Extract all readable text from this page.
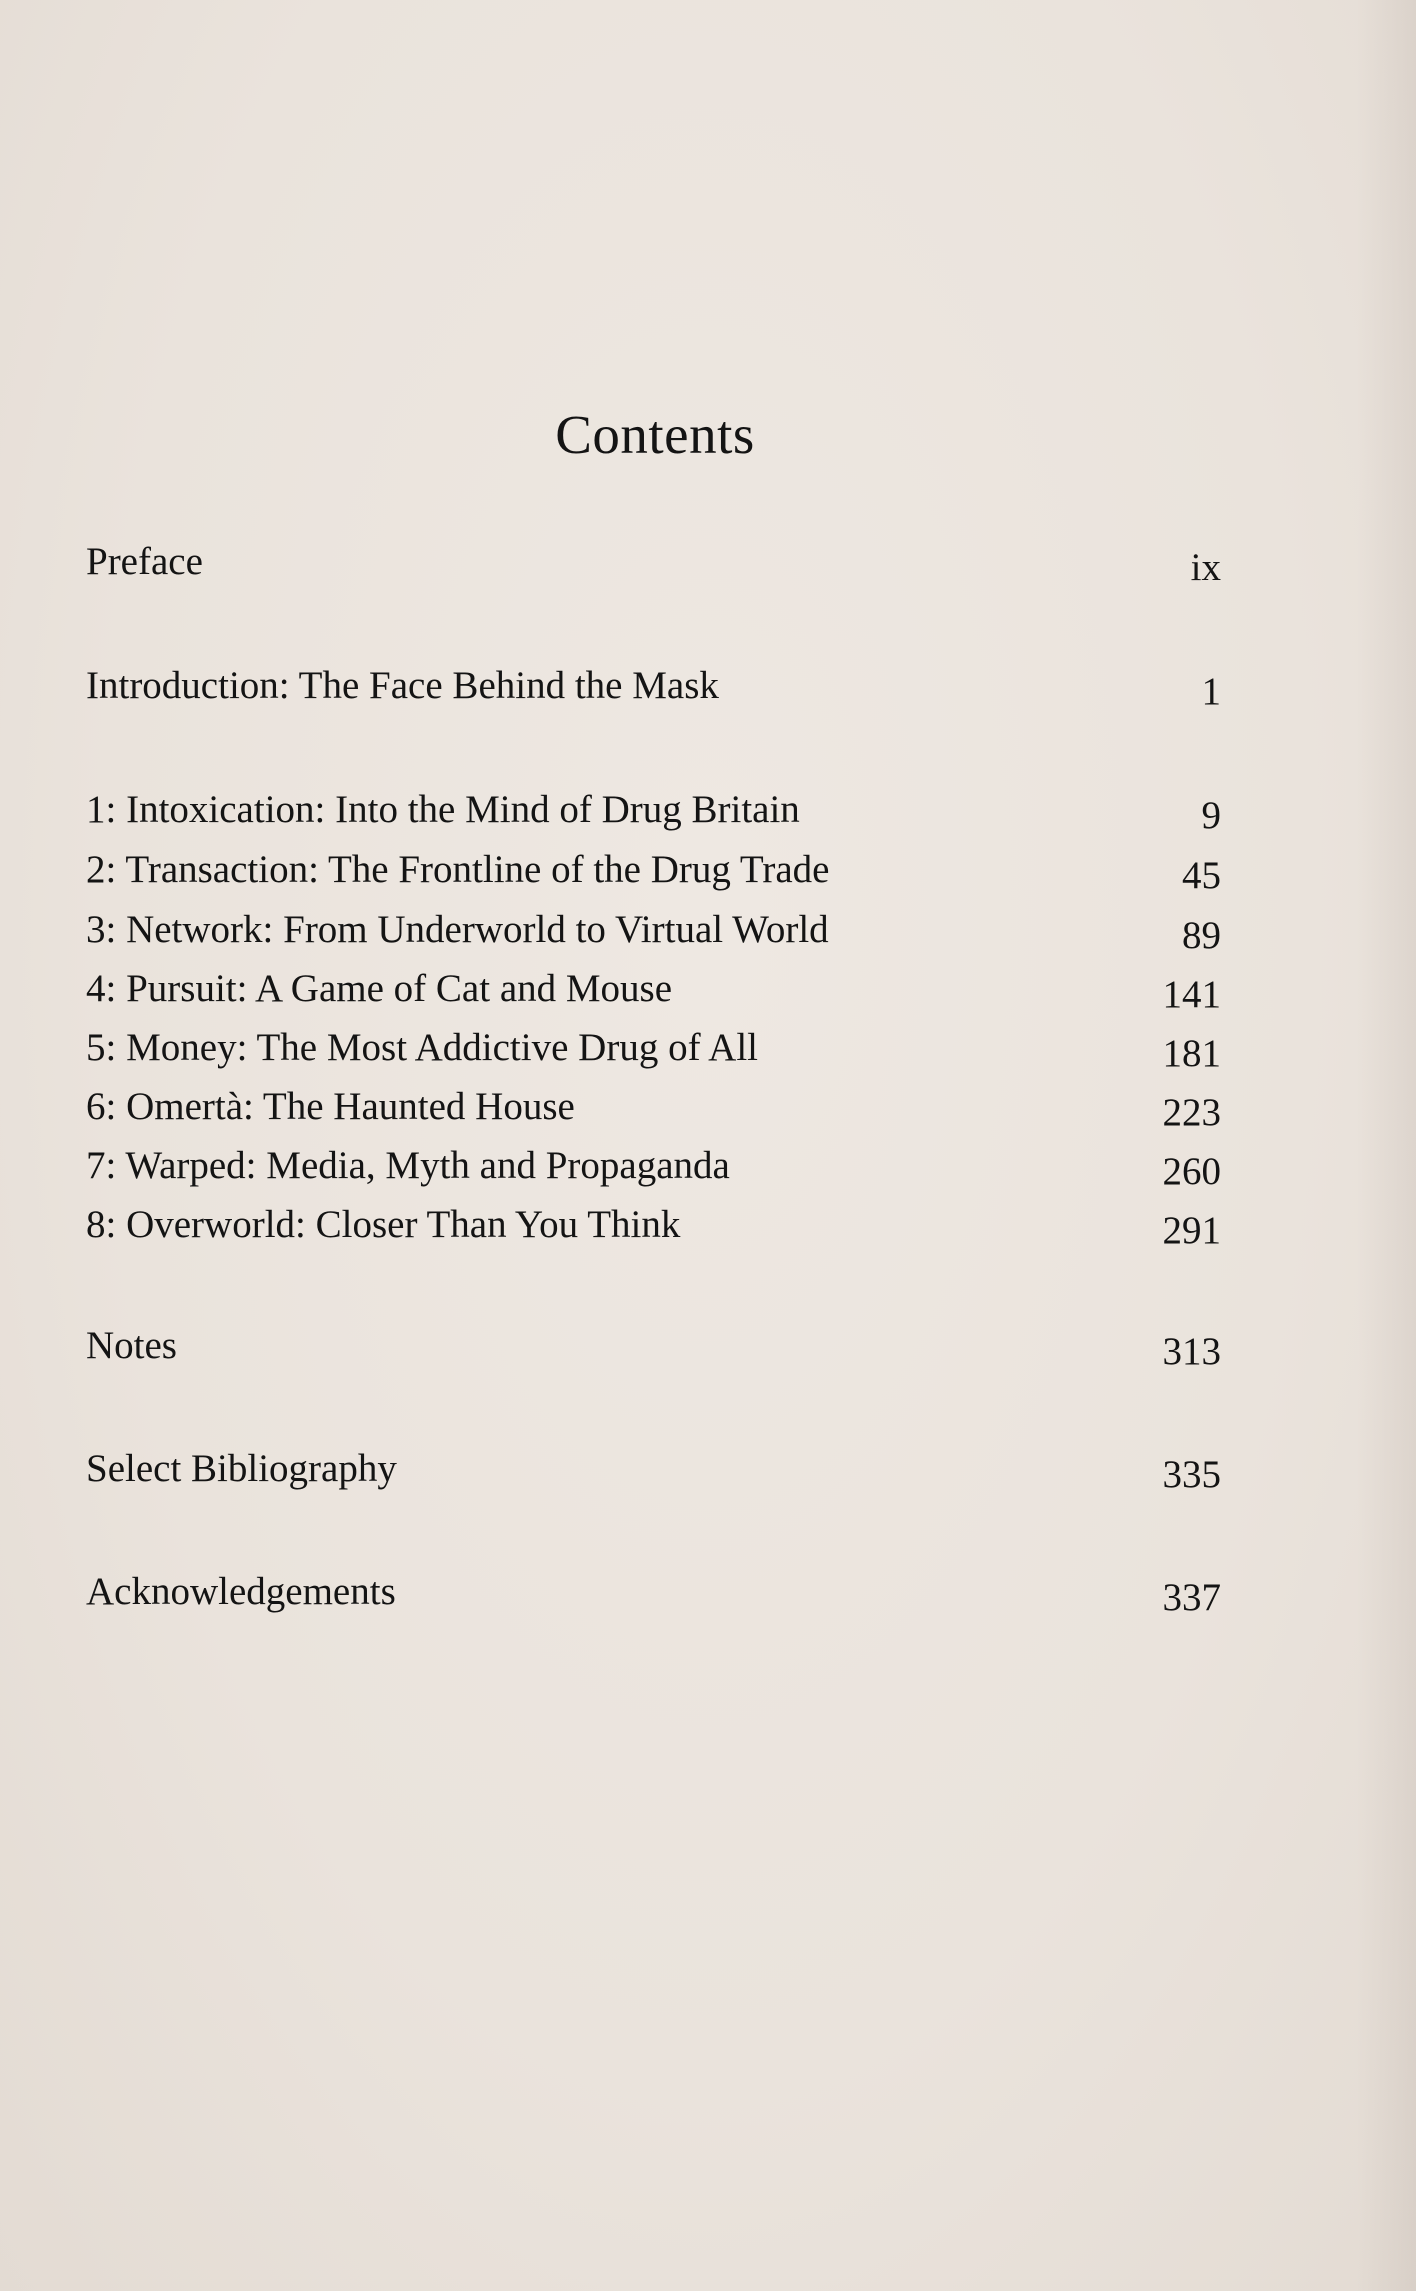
Contents
Preface	ix
Introduction: The Face Behind the Mask	1
1: Intoxication: Into the Mind of Drug Britain	9
2: Transaction: The Frontline of the Drug Trade	45
3: Network: From Underworld to Virtual World	89
4: Pursuit: A Game of Cat and Mouse	141
5: Money: The Most Addictive Drug of All	181
6: Omertà: The Haunted House	223
7: Warped: Media, Myth and Propaganda	260
8: Overworld: Closer Than You Think	291
Notes	313
Select Bibliography	335
Acknowledgements	337
